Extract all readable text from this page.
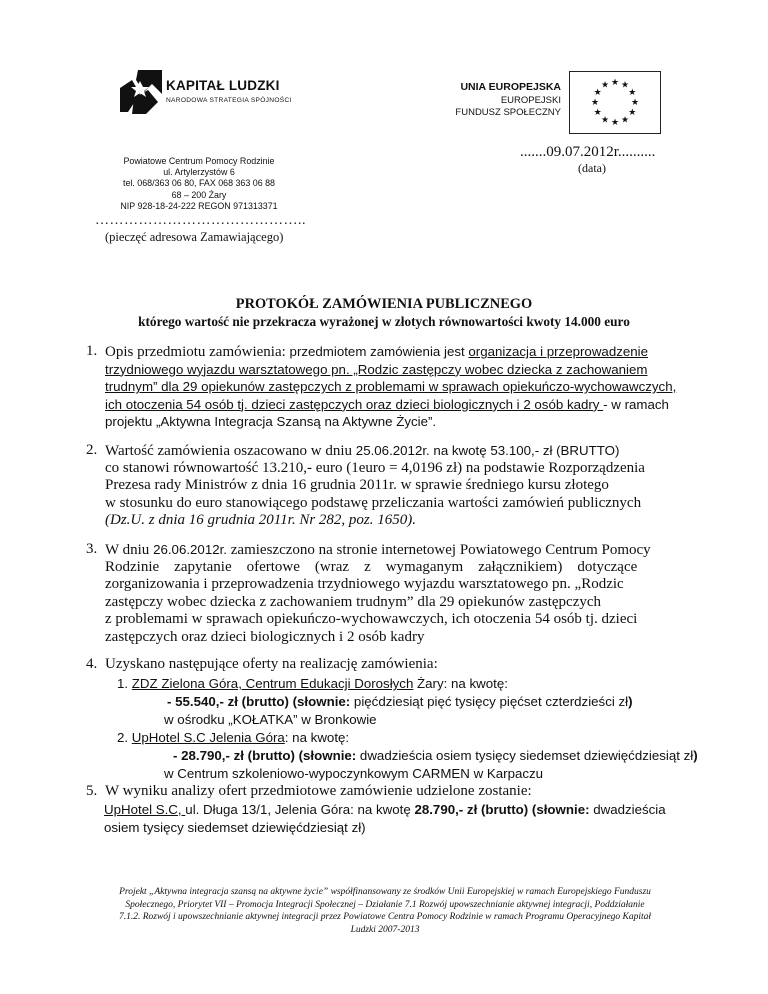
KAPITAŁ LUDZKI
NARODOWA STRATEGIA SPÓJNOŚCI
UNIA EUROPEJSKA
EUROPEJSKI
FUNDUSZ SPOŁECZNY
★ ★
★
★
★
★
★
★
★
★
★
★
.......09.07.2012r..........
(data)
Powiatowe Centrum Pomocy Rodzinie
ul. Artylerzystów 6
tel. 068/363 06 80, FAX 068 363 06 88
68 – 200 Żary
NIP 928-18-24-222 REGON 971313371
……………………………………..
(pieczęć adresowa Zamawiającego)
PROTOKÓŁ ZAMÓWIENIA PUBLICZNEGO
którego wartość nie przekracza wyrażonej w złotych równowartości kwoty 14.000 euro
1. Opis przedmiotu zamówienia: przedmiotem zamówienia jest organizacja i przeprowadzenie
trzydniowego wyjazdu warsztatowego pn. „Rodzic zastępczy wobec dziecka z zachowaniem
trudnym” dla 29 opiekunów zastępczych z problemami w sprawach opiekuńczo-wychowawczych,
ich otoczenia 54 osób tj. dzieci zastępczych oraz dzieci biologicznych i 2 osób kadry - w ramach
projektu „Aktywna Integracja Szansą na Aktywne Życie”.
2. Wartość zamówienia oszacowano w dniu 25.06.2012r. na kwotę 53.100,- zł (BRUTTO)
co stanowi równowartość 13.210,- euro (1euro = 4,0196 zł) na podstawie Rozporządzenia
Prezesa rady Ministrów z dnia 16 grudnia 2011r. w sprawie średniego kursu złotego
w stosunku do euro stanowiącego podstawę przeliczania wartości zamówień publicznych
(Dz.U. z dnia 16 grudnia 2011r. Nr 282, poz. 1650).
3. W dniu 26.06.2012r. zamieszczono na stronie internetowej Powiatowego Centrum Pomocy
Rodzinie    zapytanie    ofertowe    (wraz    z    wymaganym    załącznikiem)    dotyczące
zorganizowania i przeprowadzenia trzydniowego wyjazdu warsztatowego pn. „Rodzic
zastępczy wobec dziecka z zachowaniem trudnym” dla 29 opiekunów zastępczych
z problemami w sprawach opiekuńczo-wychowawczych, ich otoczenia 54 osób tj. dzieci
zastępczych oraz dzieci biologicznych i 2 osób kadry
4. Uzyskano następujące oferty na realizację zamówienia:
1. ZDZ Zielona Góra, Centrum Edukacji Dorosłych Żary: na kwotę:
- 55.540,- zł (brutto) (słownie: pięćdziesiąt pięć tysięcy pięćset czterdzieści zł)
w ośrodku „KOŁATKA” w Bronkowie
2. UpHotel S.C Jelenia Góra: na kwotę:
- 28.790,- zł (brutto) (słownie: dwadzieścia osiem tysięcy siedemset dziewięćdziesiąt zł)
w Centrum szkoleniowo-wypoczynkowym CARMEN w Karpaczu
5. W wyniku analizy ofert przedmiotowe zamówienie udzielone zostanie:
UpHotel S.C, ul. Długa 13/1, Jelenia Góra: na kwotę 28.790,- zł (brutto) (słownie: dwadzieścia
osiem tysięcy siedemset dziewięćdziesiąt zł)
Projekt „Aktywna integracja szansą na aktywne życie” współfinansowany ze środków Unii Europejskiej w ramach Europejskiego Funduszu
Społecznego, Priorytet VII – Promocja Integracji Społecznej – Działanie 7.1 Rozwój upowszechnianie aktywnej integracji, Poddziałanie
7.1.2. Rozwój i upowszechnianie aktywnej integracji przez Powiatowe Centra Pomocy Rodzinie w ramach Programu Operacyjnego Kapitał
Ludzki 2007-2013
